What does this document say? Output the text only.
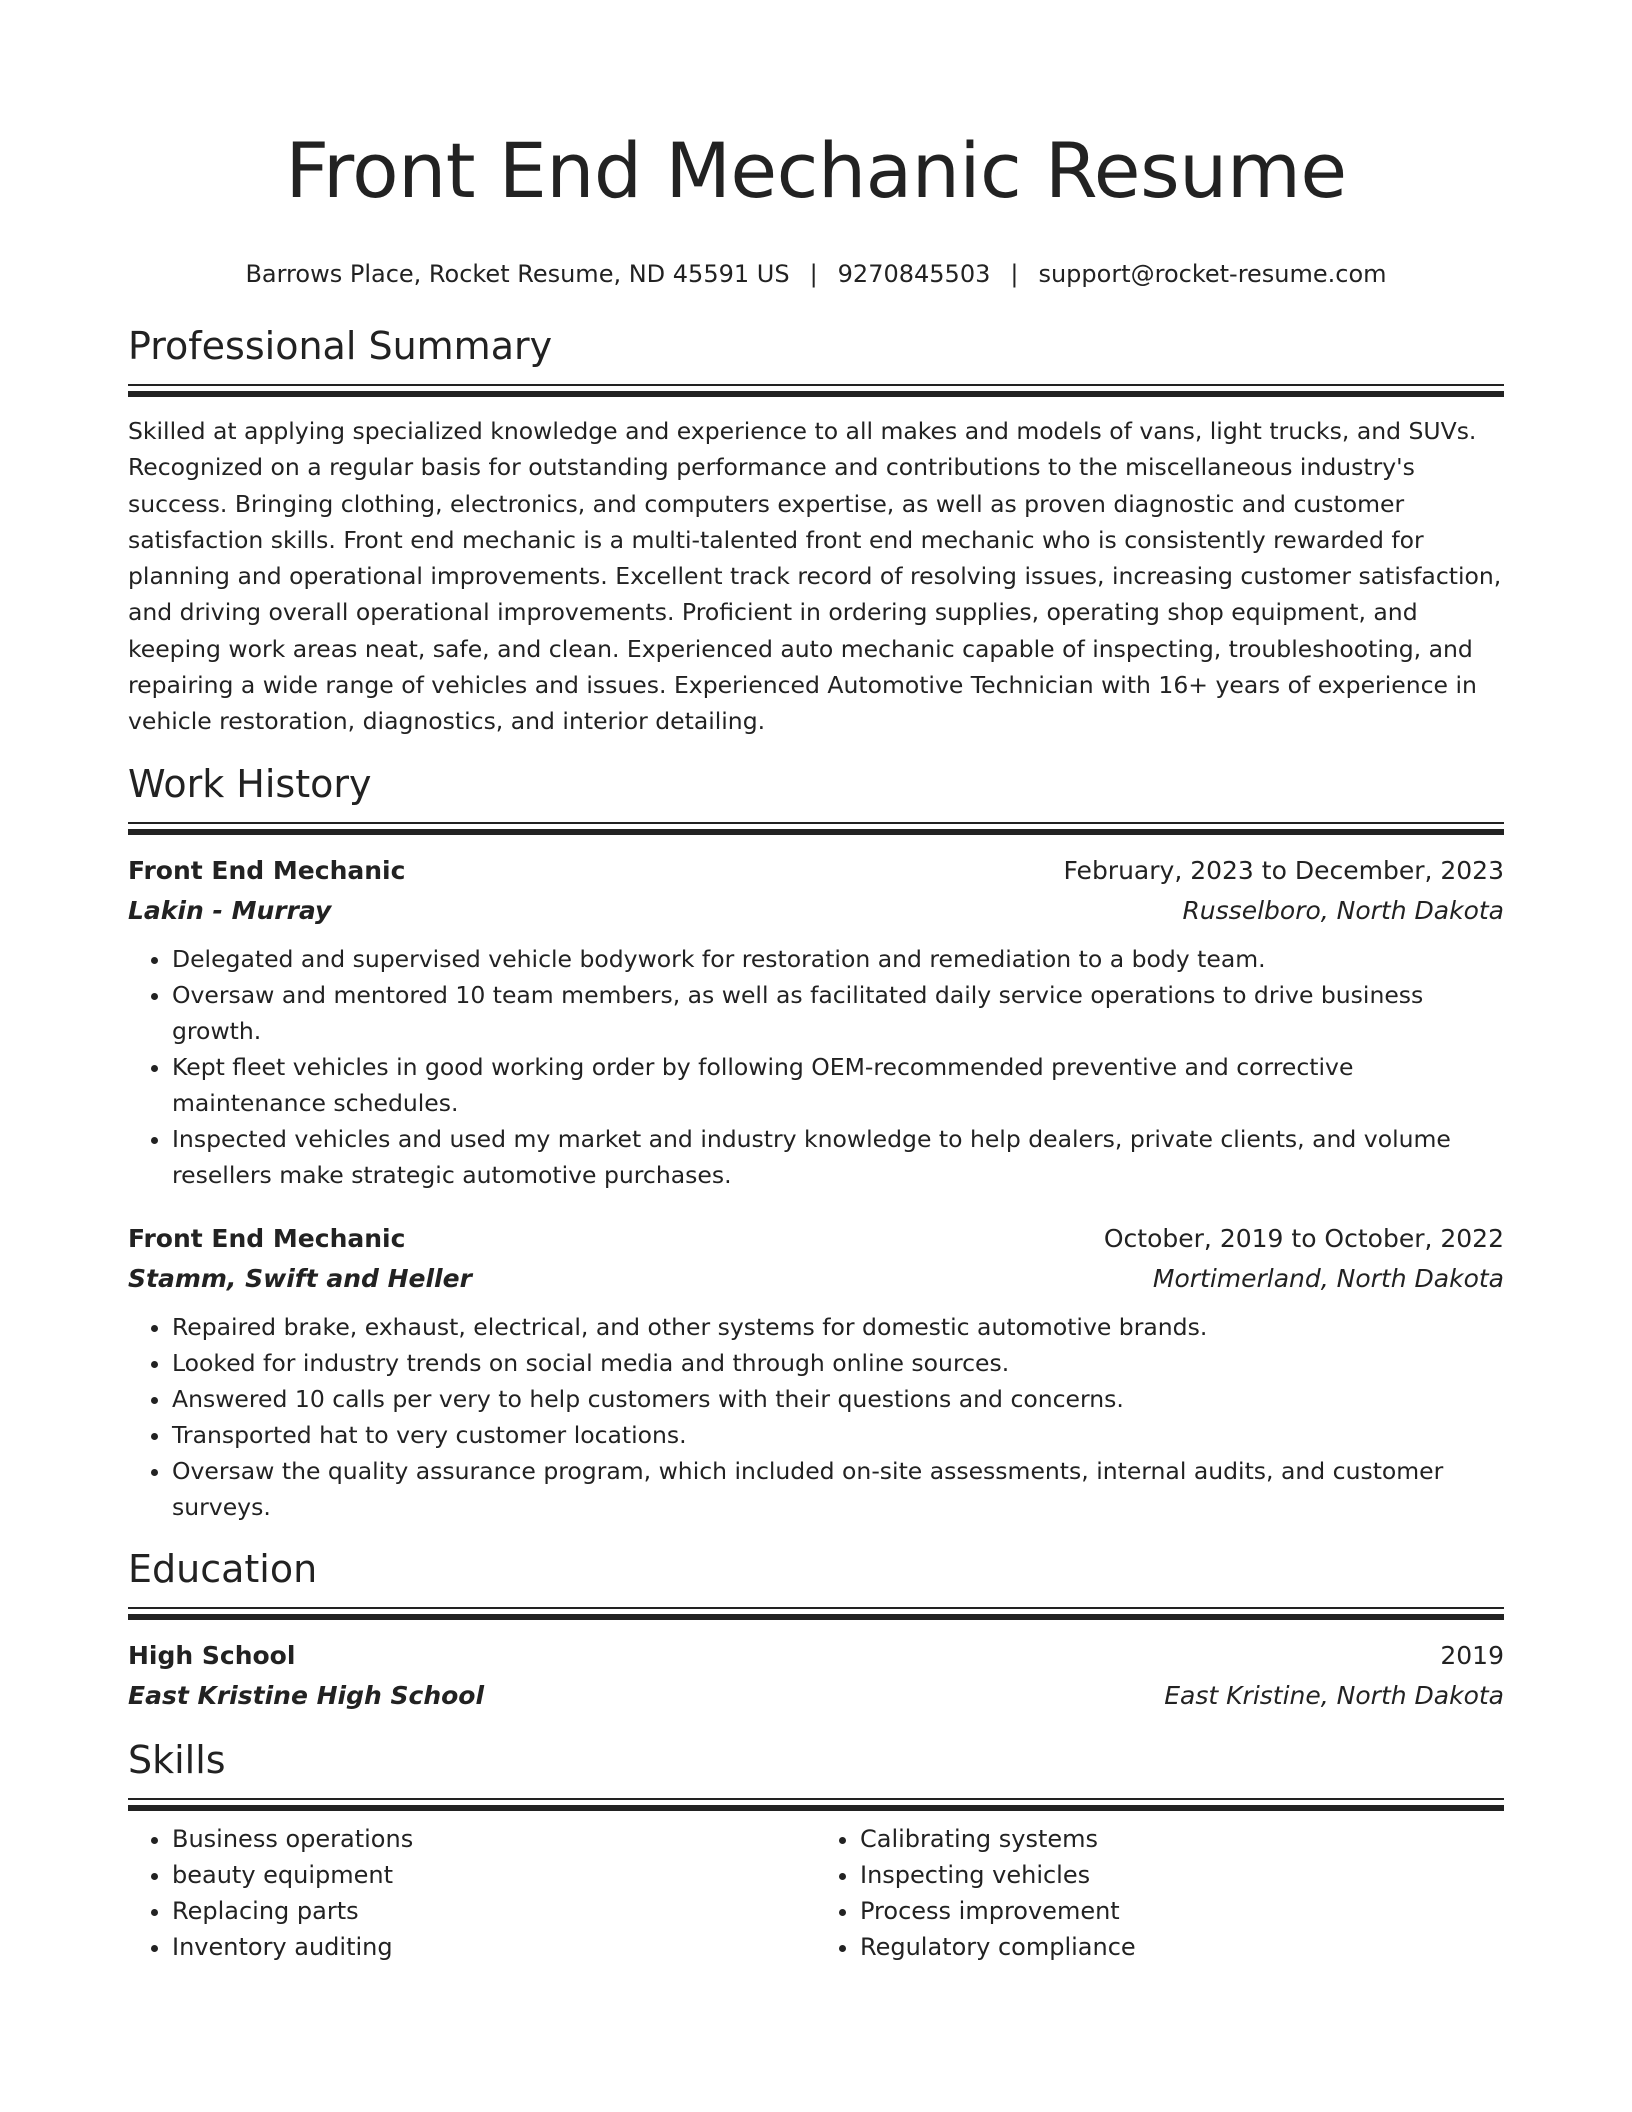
Front End Mechanic Resume
Barrows Place, Rocket Resume, ND 45591 US | 9270845503 | support@rocket-resume.com
Professional Summary
Skilled at applying specialized knowledge and experience to all makes and models of vans, light trucks, and SUVs. Recognized on a regular basis for outstanding performance and contributions to the miscellaneous industry's success. Bringing clothing, electronics, and computers expertise, as well as proven diagnostic and customer satisfaction skills. Front end mechanic is a multi-talented front end mechanic who is consistently rewarded for planning and operational improvements. Excellent track record of resolving issues, increasing customer satisfaction, and driving overall operational improvements. Proficient in ordering supplies, operating shop equipment, and keeping work areas neat, safe, and clean. Experienced auto mechanic capable of inspecting, troubleshooting, and repairing a wide range of vehicles and issues. Experienced Automotive Technician with 16+ years of experience in vehicle restoration, diagnostics, and interior detailing.
Work History
Front End Mechanic	February, 2023 to December, 2023
Lakin - Murray	Russelboro, North Dakota
• Delegated and supervised vehicle bodywork for restoration and remediation to a body team.
• Oversaw and mentored 10 team members, as well as facilitated daily service operations to drive business growth.
• Kept fleet vehicles in good working order by following OEM-recommended preventive and corrective maintenance schedules.
• Inspected vehicles and used my market and industry knowledge to help dealers, private clients, and volume resellers make strategic automotive purchases.
Front End Mechanic	October, 2019 to October, 2022
Stamm, Swift and Heller	Mortimerland, North Dakota
• Repaired brake, exhaust, electrical, and other systems for domestic automotive brands.
• Looked for industry trends on social media and through online sources.
• Answered 10 calls per very to help customers with their questions and concerns.
• Transported hat to very customer locations.
• Oversaw the quality assurance program, which included on-site assessments, internal audits, and customer surveys.
Education
High School	2019
East Kristine High School	East Kristine, North Dakota
Skills
• Business operations
• beauty equipment
• Replacing parts
• Inventory auditing
• Calibrating systems
• Inspecting vehicles
• Process improvement
• Regulatory compliance
